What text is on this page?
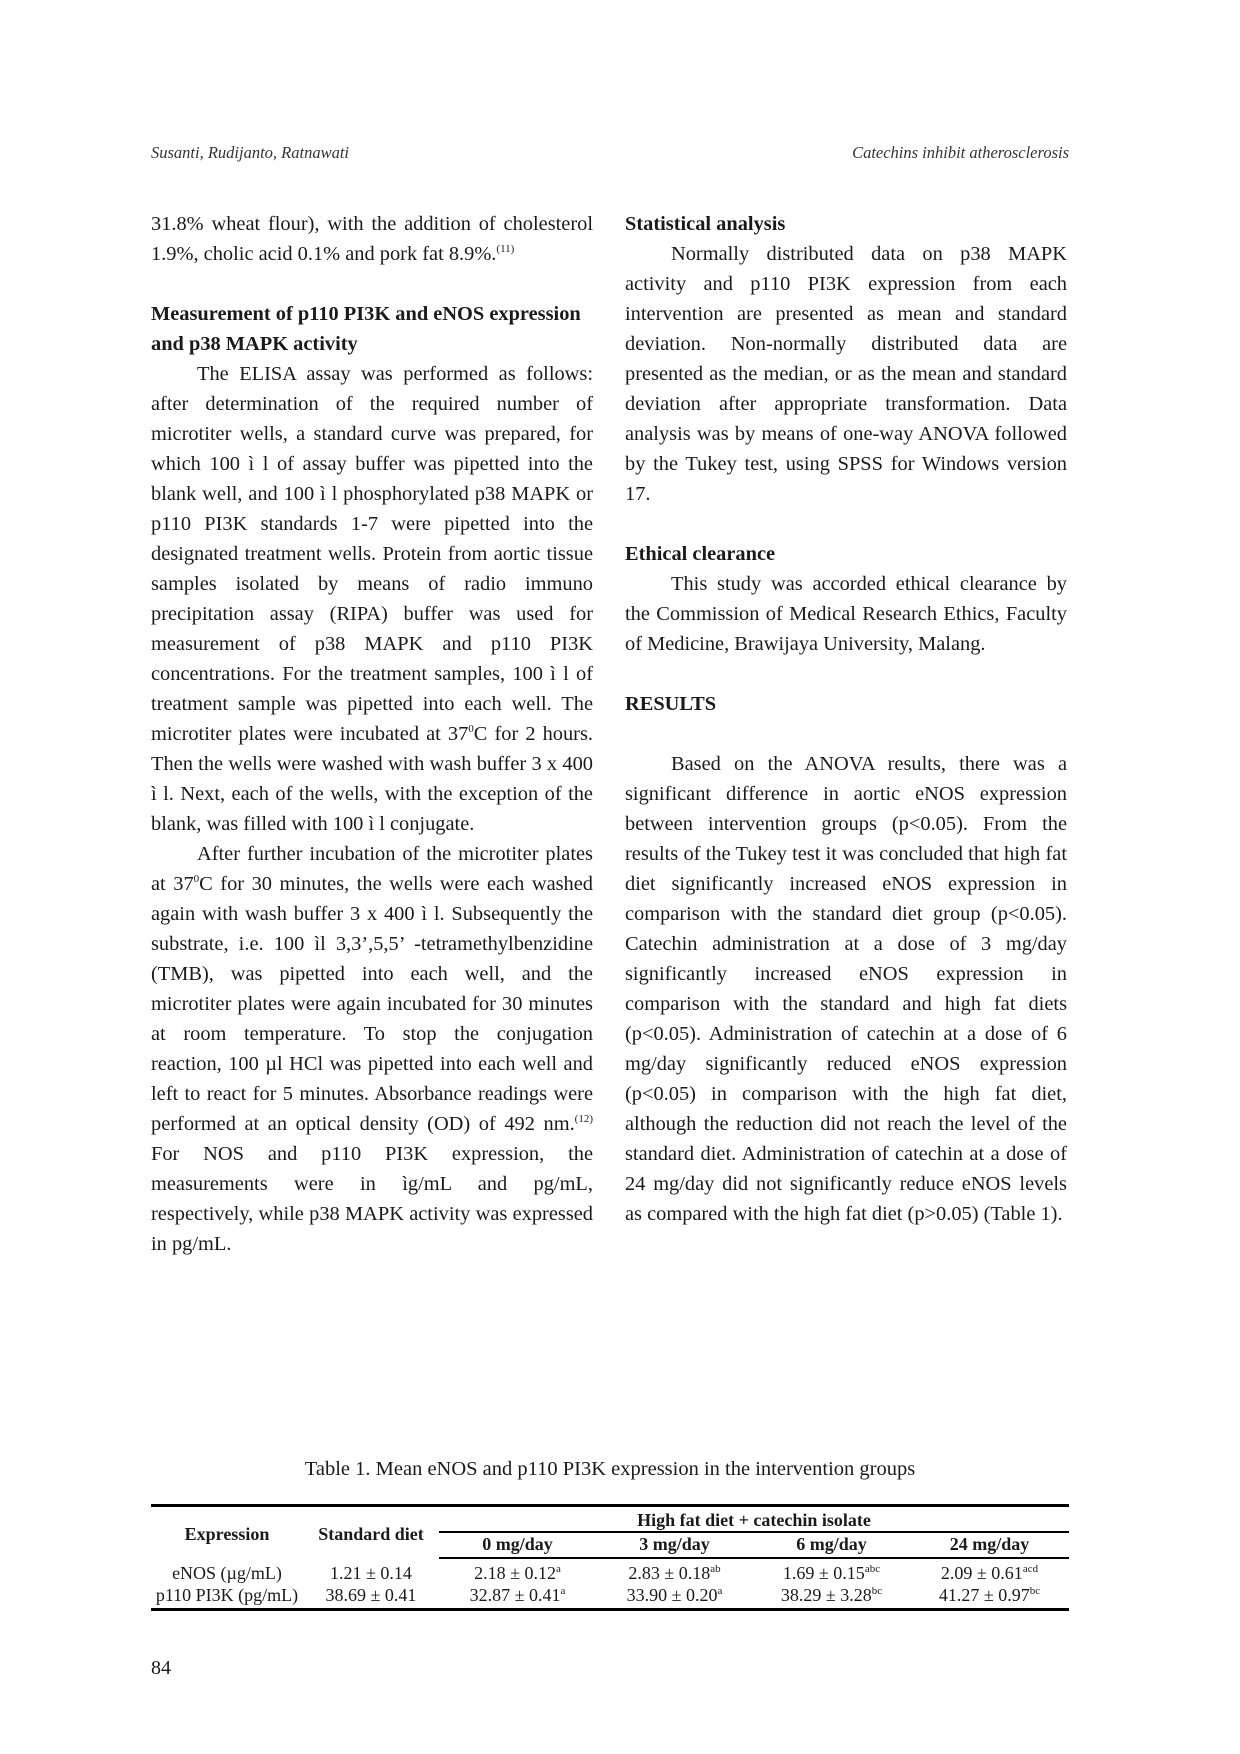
Susanti, Rudijanto, Ratnawati	Catechins inhibit atherosclerosis

31.8% wheat flour), with the addition of cholesterol 1.9%, cholic acid 0.1% and pork fat 8.9%.$^{(11)}$

Measurement of p110 PI3K and eNOS expression and p38 MAPK activity

The ELISA assay was performed as follows: after determination of the required number of microtiter wells, a standard curve was prepared, for which 100 ì l of assay buffer was pipetted into the blank well, and 100 ì l phosphorylated p38 MAPK or p110 PI3K standards 1-7 were pipetted into the designated treatment wells. Protein from aortic tissue samples isolated by means of radio immuno precipitation assay (RIPA) buffer was used for measurement of p38 MAPK and p110 PI3K concentrations. For the treatment samples, 100 ì l of treatment sample was pipetted into each well. The microtiter plates were incubated at $37^0C$ for 2 hours. Then the wells were washed with wash buffer 3 x 400 ì l. Next, each of the wells, with the exception of the blank, was filled with 100 ì l conjugate.

After further incubation of the microtiter plates at $37^0C$ for 30 minutes, the wells were each washed again with wash buffer 3 x 400 ì l. Subsequently the substrate, i.e. 100 ìl 3,3’,5,5’ -tetramethylbenzidine (TMB), was pipetted into each well, and the microtiter plates were again incubated for 30 minutes at room temperature. To stop the conjugation reaction, 100 µl HCl was pipetted into each well and left to react for 5 minutes. Absorbance readings were performed at an optical density (OD) of 492 nm.$^{(12)}$ For NOS and p110 PI3K expression, the measurements were in ìg/mL and pg/mL, respectively, while p38 MAPK activity was expressed in pg/mL.

Statistical analysis

Normally distributed data on p38 MAPK activity and p110 PI3K expression from each intervention are presented as mean and standard deviation. Non-normally distributed data are presented as the median, or as the mean and standard deviation after appropriate transformation. Data analysis was by means of one-way ANOVA followed by the Tukey test, using SPSS for Windows version 17.

Ethical clearance

This study was accorded ethical clearance by the Commission of Medical Research Ethics, Faculty of Medicine, Brawijaya University, Malang.

RESULTS

Based on the ANOVA results, there was a significant difference in aortic eNOS expression between intervention groups (p<0.05). From the results of the Tukey test it was concluded that high fat diet significantly increased eNOS expression in comparison with the standard diet group (p<0.05). Catechin administration at a dose of 3 mg/day significantly increased eNOS expression in comparison with the standard and high fat diets (p<0.05). Administration of catechin at a dose of 6 mg/day significantly reduced eNOS expression (p<0.05) in comparison with the high fat diet, although the reduction did not reach the level of the standard diet. Administration of catechin at a dose of 24 mg/day did not significantly reduce eNOS levels as compared with the high fat diet (p>0.05) (Table 1).

Table 1. Mean eNOS and p110 PI3K expression in the intervention groups
Expression	Standard diet	High fat diet + catechin isolate			
		0 mg/day	3 mg/day	6 mg/day	24 mg/day
eNOS (µg/mL)	1.21 ± 0.14	2.18 ± 0.12$^a$	2.83 ± 0.18$^{ab}$	1.69 ± 0.15$^{abc}$	2.09 ± 0.61$^{acd}$
p110 PI3K (pg/mL)	38.69 ± 0.41	32.87 ± 0.41$^a$	33.90 ± 0.20$^a$	38.29 ± 3.28$^{bc}$	41.27 ± 0.97$^{bc}$
84
